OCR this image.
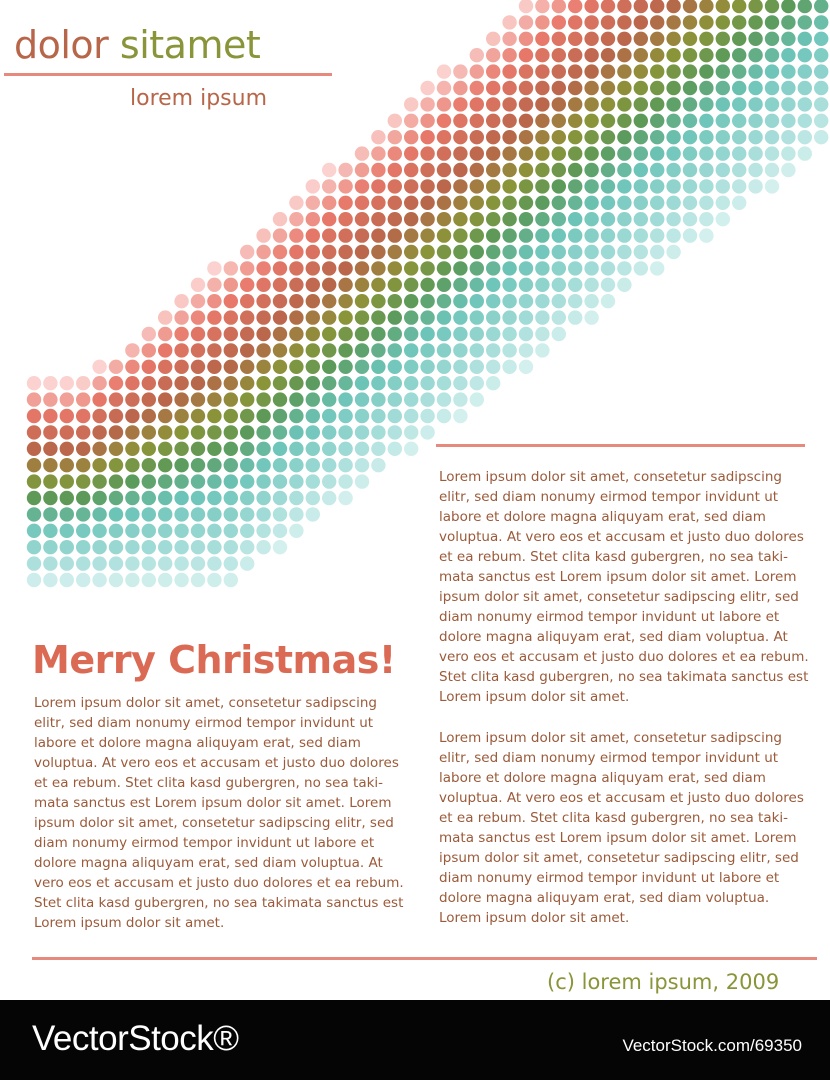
dolor sitamet
lorem ipsum

Lorem ipsum dolor sit amet, consetetur sadipscing
elitr, sed diam nonumy eirmod tempor invidunt ut
labore et dolore magna aliquyam erat, sed diam
voluptua. At vero eos et accusam et justo duo dolores
et ea rebum. Stet clita kasd gubergren, no sea taki-
mata sanctus est Lorem ipsum dolor sit amet. Lorem
ipsum dolor sit amet, consetetur sadipscing elitr, sed
diam nonumy eirmod tempor invidunt ut labore et
dolore magna aliquyam erat, sed diam voluptua. At
vero eos et accusam et justo duo dolores et ea rebum.
Stet clita kasd gubergren, no sea takimata sanctus est
Lorem ipsum dolor sit amet.

Lorem ipsum dolor sit amet, consetetur sadipscing
elitr, sed diam nonumy eirmod tempor invidunt ut
labore et dolore magna aliquyam erat, sed diam
voluptua. At vero eos et accusam et justo duo dolores
et ea rebum. Stet clita kasd gubergren, no sea taki-
mata sanctus est Lorem ipsum dolor sit amet. Lorem
ipsum dolor sit amet, consetetur sadipscing elitr, sed
diam nonumy eirmod tempor invidunt ut labore et
dolore magna aliquyam erat, sed diam voluptua.
Lorem ipsum dolor sit amet.

Merry Christmas!

Lorem ipsum dolor sit amet, consetetur sadipscing
elitr, sed diam nonumy eirmod tempor invidunt ut
labore et dolore magna aliquyam erat, sed diam
voluptua. At vero eos et accusam et justo duo dolores
et ea rebum. Stet clita kasd gubergren, no sea taki-
mata sanctus est Lorem ipsum dolor sit amet. Lorem
ipsum dolor sit amet, consetetur sadipscing elitr, sed
diam nonumy eirmod tempor invidunt ut labore et
dolore magna aliquyam erat, sed diam voluptua. At
vero eos et accusam et justo duo dolores et ea rebum.
Stet clita kasd gubergren, no sea takimata sanctus est
Lorem ipsum dolor sit amet.

(c) lorem ipsum, 2009

VectorStock®	VectorStock.com/69350
